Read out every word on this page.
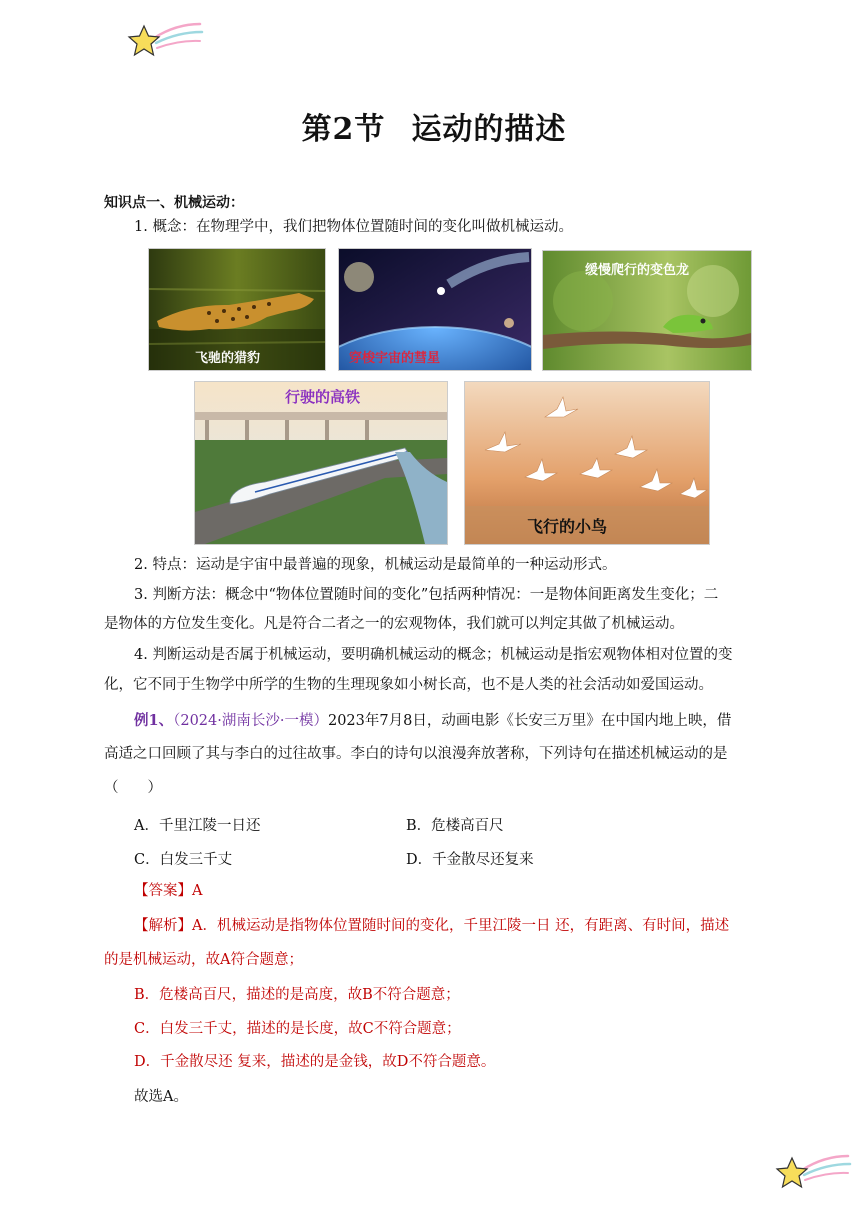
第2节 运动的描述
知识点一、机械运动：
1. 概念：在物理学中，我们把物体位置随时间的变化叫做机械运动。
飞驰的猎豹	穿梭宇宙的彗星
缓慢爬行的变色龙
行驶的高铁
飞行的小鸟
2. 特点：运动是宇宙中最普遍的现象，机械运动是最简单的一种运动形式。
3. 判断方法：概念中“物体位置随时间的变化”包括两种情况：一是物体间距离发生变化；二
是物体的方位发生变化。凡是符合二者之一的宏观物体，我们就可以判定其做了机械运动。
4. 判断运动是否属于机械运动，要明确机械运动的概念；机械运动是指宏观物体相对位置的变
化，它不同于生物学中所学的生物的生理现象如小树长高，也不是人类的社会活动如爱国运动。
例1、（2024·湖南长沙·一模）2023年7月8日，动画电影《长安三万里》在中国内地上映，借
高适之口回顾了其与李白的过往故事。李白的诗句以浪漫奔放著称，下列诗句在描述机械运动的是
（　　）
A．千里江陵一日还	B．危楼高百尺
C．白发三千丈	D．千金散尽还复来
【答案】A
【解析】A．机械运动是指物体位置随时间的变化，千里江陵一日 还，有距离、有时间，描述
的是机械运动，故A符合题意；
B．危楼高百尺，描述的是高度，故B不符合题意；
C．白发三千丈，描述的是长度，故C不符合题意；
D．千金散尽还 复来，描述的是金钱，故D不符合题意。
故选A。
